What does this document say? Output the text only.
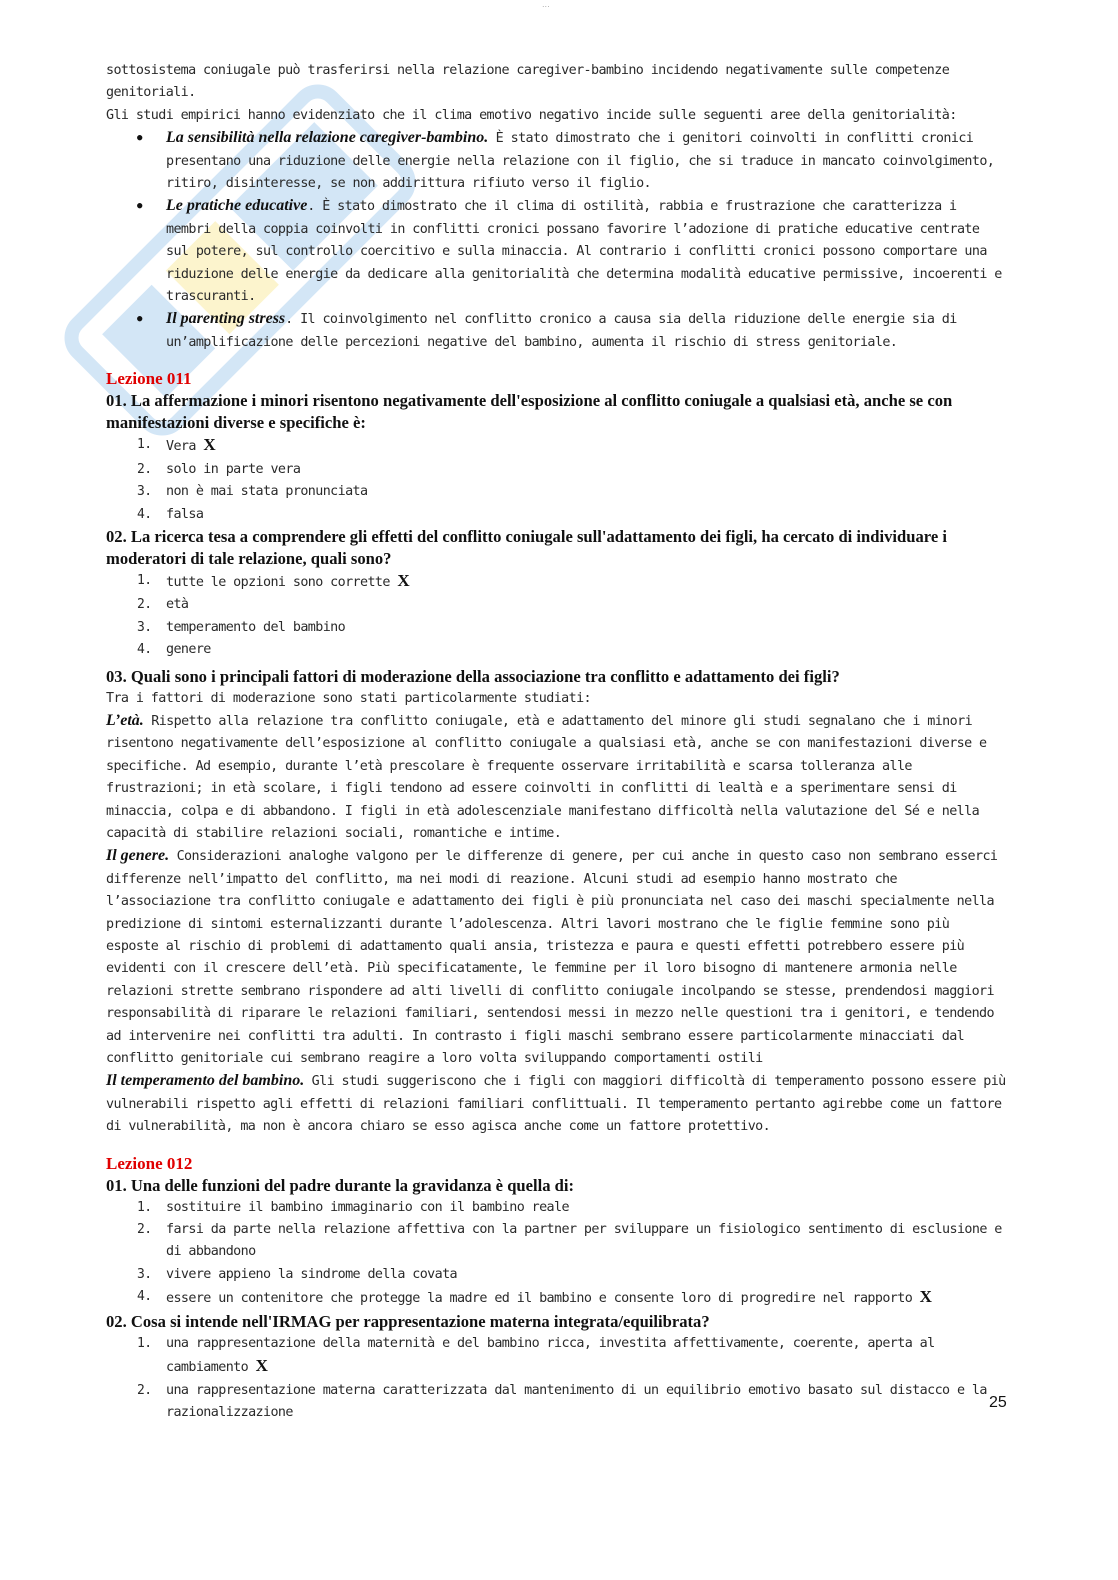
...
sottosistema coniugale può trasferirsi nella relazione caregiver-bambino incidendo negativamente sulle competenze genitoriali.
Gli studi empirici hanno evidenziato che il clima emotivo negativo incide sulle seguenti aree della genitorialità:
● La sensibilità nella relazione caregiver-bambino. È stato dimostrato che i genitori coinvolti in conflitti cronici presentano una riduzione delle energie nella relazione con il figlio, che si traduce in mancato coinvolgimento, ritiro, disinteresse, se non addirittura rifiuto verso il figlio.
● Le pratiche educative. È stato dimostrato che il clima di ostilità, rabbia e frustrazione che caratterizza i membri della coppia coinvolti in conflitti cronici possano favorire l’adozione di pratiche educative centrate sul potere, sul controllo coercitivo e sulla minaccia. Al contrario i conflitti cronici possono comportare una riduzione delle energie da dedicare alla genitorialità che determina modalità educative permissive, incoerenti e trascuranti.
● Il parenting stress. Il coinvolgimento nel conflitto cronico a causa sia della riduzione delle energie sia di un’amplificazione delle percezioni negative del bambino, aumenta il rischio di stress genitoriale.
Lezione 011
01. La affermazione i minori risentono negativamente dell'esposizione al conflitto coniugale a qualsiasi età, anche se con manifestazioni diverse e specifiche è:
1. Vera X
2. solo in parte vera
3. non è mai stata pronunciata
4. falsa
02. La ricerca tesa a comprendere gli effetti del conflitto coniugale sull'adattamento dei figli, ha cercato di individuare i moderatori di tale relazione, quali sono?
1. tutte le opzioni sono corrette X
2. età
3. temperamento del bambino
4. genere
03. Quali sono i principali fattori di moderazione della associazione tra conflitto e adattamento dei figli?
Tra i fattori di moderazione sono stati particolarmente studiati:
L’età. Rispetto alla relazione tra conflitto coniugale, età e adattamento del minore gli studi segnalano che i minori risentono negativamente dell’esposizione al conflitto coniugale a qualsiasi età, anche se con manifestazioni diverse e specifiche. Ad esempio, durante l’età prescolare è frequente osservare irritabilità e scarsa tolleranza alle frustrazioni; in età scolare, i figli tendono ad essere coinvolti in conflitti di lealtà e a sperimentare sensi di minaccia, colpa e di abbandono. I figli in età adolescenziale manifestano difficoltà nella valutazione del Sé e nella capacità di stabilire relazioni sociali, romantiche e intime.
Il genere. Considerazioni analoghe valgono per le differenze di genere, per cui anche in questo caso non sembrano esserci differenze nell’impatto del conflitto, ma nei modi di reazione. Alcuni studi ad esempio hanno mostrato che l’associazione tra conflitto coniugale e adattamento dei figli è più pronunciata nel caso dei maschi specialmente nella predizione di sintomi esternalizzanti durante l’adolescenza. Altri lavori mostrano che le figlie femmine sono più esposte al rischio di problemi di adattamento quali ansia, tristezza e paura e questi effetti potrebbero essere più evidenti con il crescere dell’età. Più specificatamente, le femmine per il loro bisogno di mantenere armonia nelle relazioni strette sembrano rispondere ad alti livelli di conflitto coniugale incolpando se stesse, prendendosi maggiori responsabilità di riparare le relazioni familiari, sentendosi messi in mezzo nelle questioni tra i genitori, e tendendo ad intervenire nei conflitti tra adulti. In contrasto i figli maschi sembrano essere particolarmente minacciati dal conflitto genitoriale cui sembrano reagire a loro volta sviluppando comportamenti ostili
Il temperamento del bambino. Gli studi suggeriscono che i figli con maggiori difficoltà di temperamento possono essere più vulnerabili rispetto agli effetti di relazioni familiari conflittuali. Il temperamento pertanto agirebbe come un fattore di vulnerabilità, ma non è ancora chiaro se esso agisca anche come un fattore protettivo.
Lezione 012
01. Una delle funzioni del padre durante la gravidanza è quella di:
1. sostituire il bambino immaginario con il bambino reale
2. farsi da parte nella relazione affettiva con la partner per sviluppare un fisiologico sentimento di esclusione e di abbandono
3. vivere appieno la sindrome della covata
4. essere un contenitore che protegge la madre ed il bambino e consente loro di progredire nel rapporto X
02. Cosa si intende nell'IRMAG per rappresentazione materna integrata/equilibrata?
1. una rappresentazione della maternità e del bambino ricca, investita affettivamente, coerente, aperta al cambiamento X
2. una rappresentazione materna caratterizzata dal mantenimento di un equilibrio emotivo basato sul distacco e la razionalizzazione
25
